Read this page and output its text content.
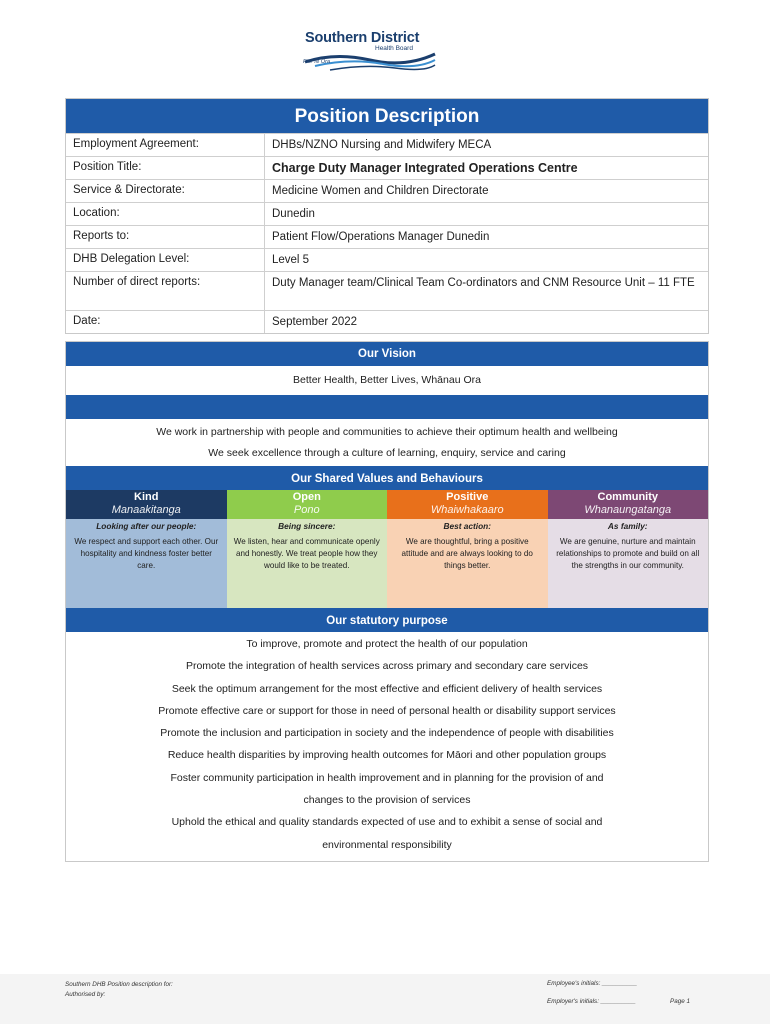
Southern District
Health Board
Piki Te Ora
Position Description
Employment Agreement:	DHBs/NZNO Nursing and Midwifery MECA
Position Title:	Charge Duty Manager Integrated Operations Centre
Service & Directorate:	Medicine Women and Children Directorate
Location:	Dunedin
Reports to:	Patient Flow/Operations Manager Dunedin
DHB Delegation Level:	Level 5
Number of direct reports:	Duty Manager team/Clinical Team Co-ordinators and CNM Resource Unit – 11 FTE
Date:	September 2022
Our Vision
Better Health, Better Lives, Whānau Ora
We work in partnership with people and communities to achieve their optimum health and wellbeing
We seek excellence through a culture of learning, enquiry, service and caring
Our Shared Values and Behaviours
Kind
Manaakitanga
Looking after our people:
We respect and support each other. Our hospitality and kindness foster better care.
Open
Pono
Being sincere:
We listen, hear and communicate openly and honestly. We treat people how they would like to be treated.
Positive
Whaiwhakaaro
Best action:
We are thoughtful, bring a positive attitude and are always looking to do things better.
Community
Whanaungatanga
As family:
We are genuine, nurture and maintain relationships to promote and build on all the strengths in our community.
Our statutory purpose
To improve, promote and protect the health of our population
Promote the integration of health services across primary and secondary care services
Seek the optimum arrangement for the most effective and efficient delivery of health services
Promote effective care or support for those in need of personal health or disability support services
Promote the inclusion and participation in society and the independence of people with disabilities
Reduce health disparities by improving health outcomes for Māori and other population groups
Foster community participation in health improvement and in planning for the provision of and
changes to the provision of services
Uphold the ethical and quality standards expected of use and to exhibit a sense of social and
environmental responsibility
Southern DHB Position description for:
Authorised by:
Employee's initials: __________
Employer's initials: __________	Page 1
